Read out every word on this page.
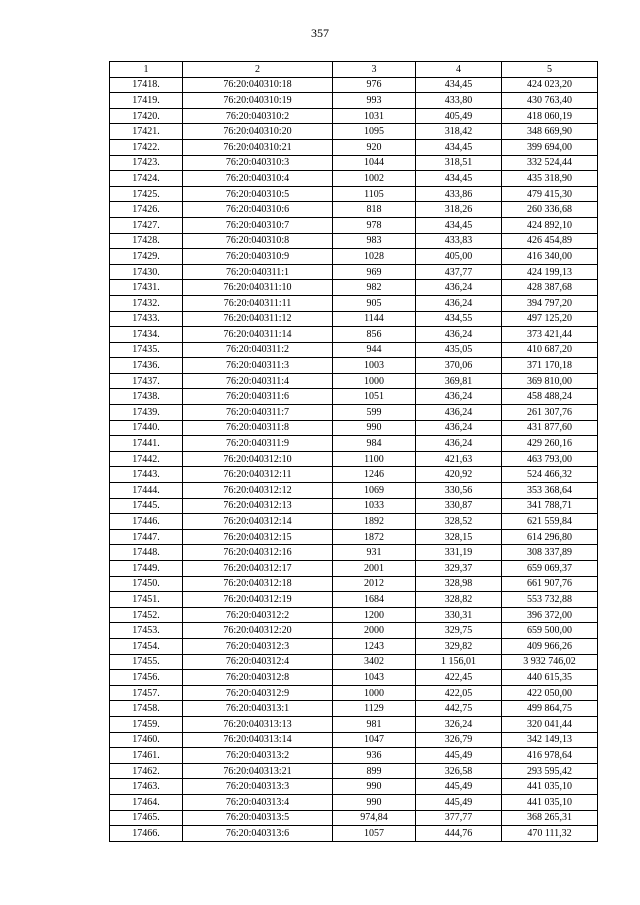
357
1	2	3	4	5
17418.	76:20:040310:18	976	434,45	424 023,20
17419.	76:20:040310:19	993	433,80	430 763,40
17420.	76:20:040310:2	1031	405,49	418 060,19
17421.	76:20:040310:20	1095	318,42	348 669,90
17422.	76:20:040310:21	920	434,45	399 694,00
17423.	76:20:040310:3	1044	318,51	332 524,44
17424.	76:20:040310:4	1002	434,45	435 318,90
17425.	76:20:040310:5	1105	433,86	479 415,30
17426.	76:20:040310:6	818	318,26	260 336,68
17427.	76:20:040310:7	978	434,45	424 892,10
17428.	76:20:040310:8	983	433,83	426 454,89
17429.	76:20:040310:9	1028	405,00	416 340,00
17430.	76:20:040311:1	969	437,77	424 199,13
17431.	76:20:040311:10	982	436,24	428 387,68
17432.	76:20:040311:11	905	436,24	394 797,20
17433.	76:20:040311:12	1144	434,55	497 125,20
17434.	76:20:040311:14	856	436,24	373 421,44
17435.	76:20:040311:2	944	435,05	410 687,20
17436.	76:20:040311:3	1003	370,06	371 170,18
17437.	76:20:040311:4	1000	369,81	369 810,00
17438.	76:20:040311:6	1051	436,24	458 488,24
17439.	76:20:040311:7	599	436,24	261 307,76
17440.	76:20:040311:8	990	436,24	431 877,60
17441.	76:20:040311:9	984	436,24	429 260,16
17442.	76:20:040312:10	1100	421,63	463 793,00
17443.	76:20:040312:11	1246	420,92	524 466,32
17444.	76:20:040312:12	1069	330,56	353 368,64
17445.	76:20:040312:13	1033	330,87	341 788,71
17446.	76:20:040312:14	1892	328,52	621 559,84
17447.	76:20:040312:15	1872	328,15	614 296,80
17448.	76:20:040312:16	931	331,19	308 337,89
17449.	76:20:040312:17	2001	329,37	659 069,37
17450.	76:20:040312:18	2012	328,98	661 907,76
17451.	76:20:040312:19	1684	328,82	553 732,88
17452.	76:20:040312:2	1200	330,31	396 372,00
17453.	76:20:040312:20	2000	329,75	659 500,00
17454.	76:20:040312:3	1243	329,82	409 966,26
17455.	76:20:040312:4	3402	1 156,01	3 932 746,02
17456.	76:20:040312:8	1043	422,45	440 615,35
17457.	76:20:040312:9	1000	422,05	422 050,00
17458.	76:20:040313:1	1129	442,75	499 864,75
17459.	76:20:040313:13	981	326,24	320 041,44
17460.	76:20:040313:14	1047	326,79	342 149,13
17461.	76:20:040313:2	936	445,49	416 978,64
17462.	76:20:040313:21	899	326,58	293 595,42
17463.	76:20:040313:3	990	445,49	441 035,10
17464.	76:20:040313:4	990	445,49	441 035,10
17465.	76:20:040313:5	974,84	377,77	368 265,31
17466.	76:20:040313:6	1057	444,76	470 111,32
